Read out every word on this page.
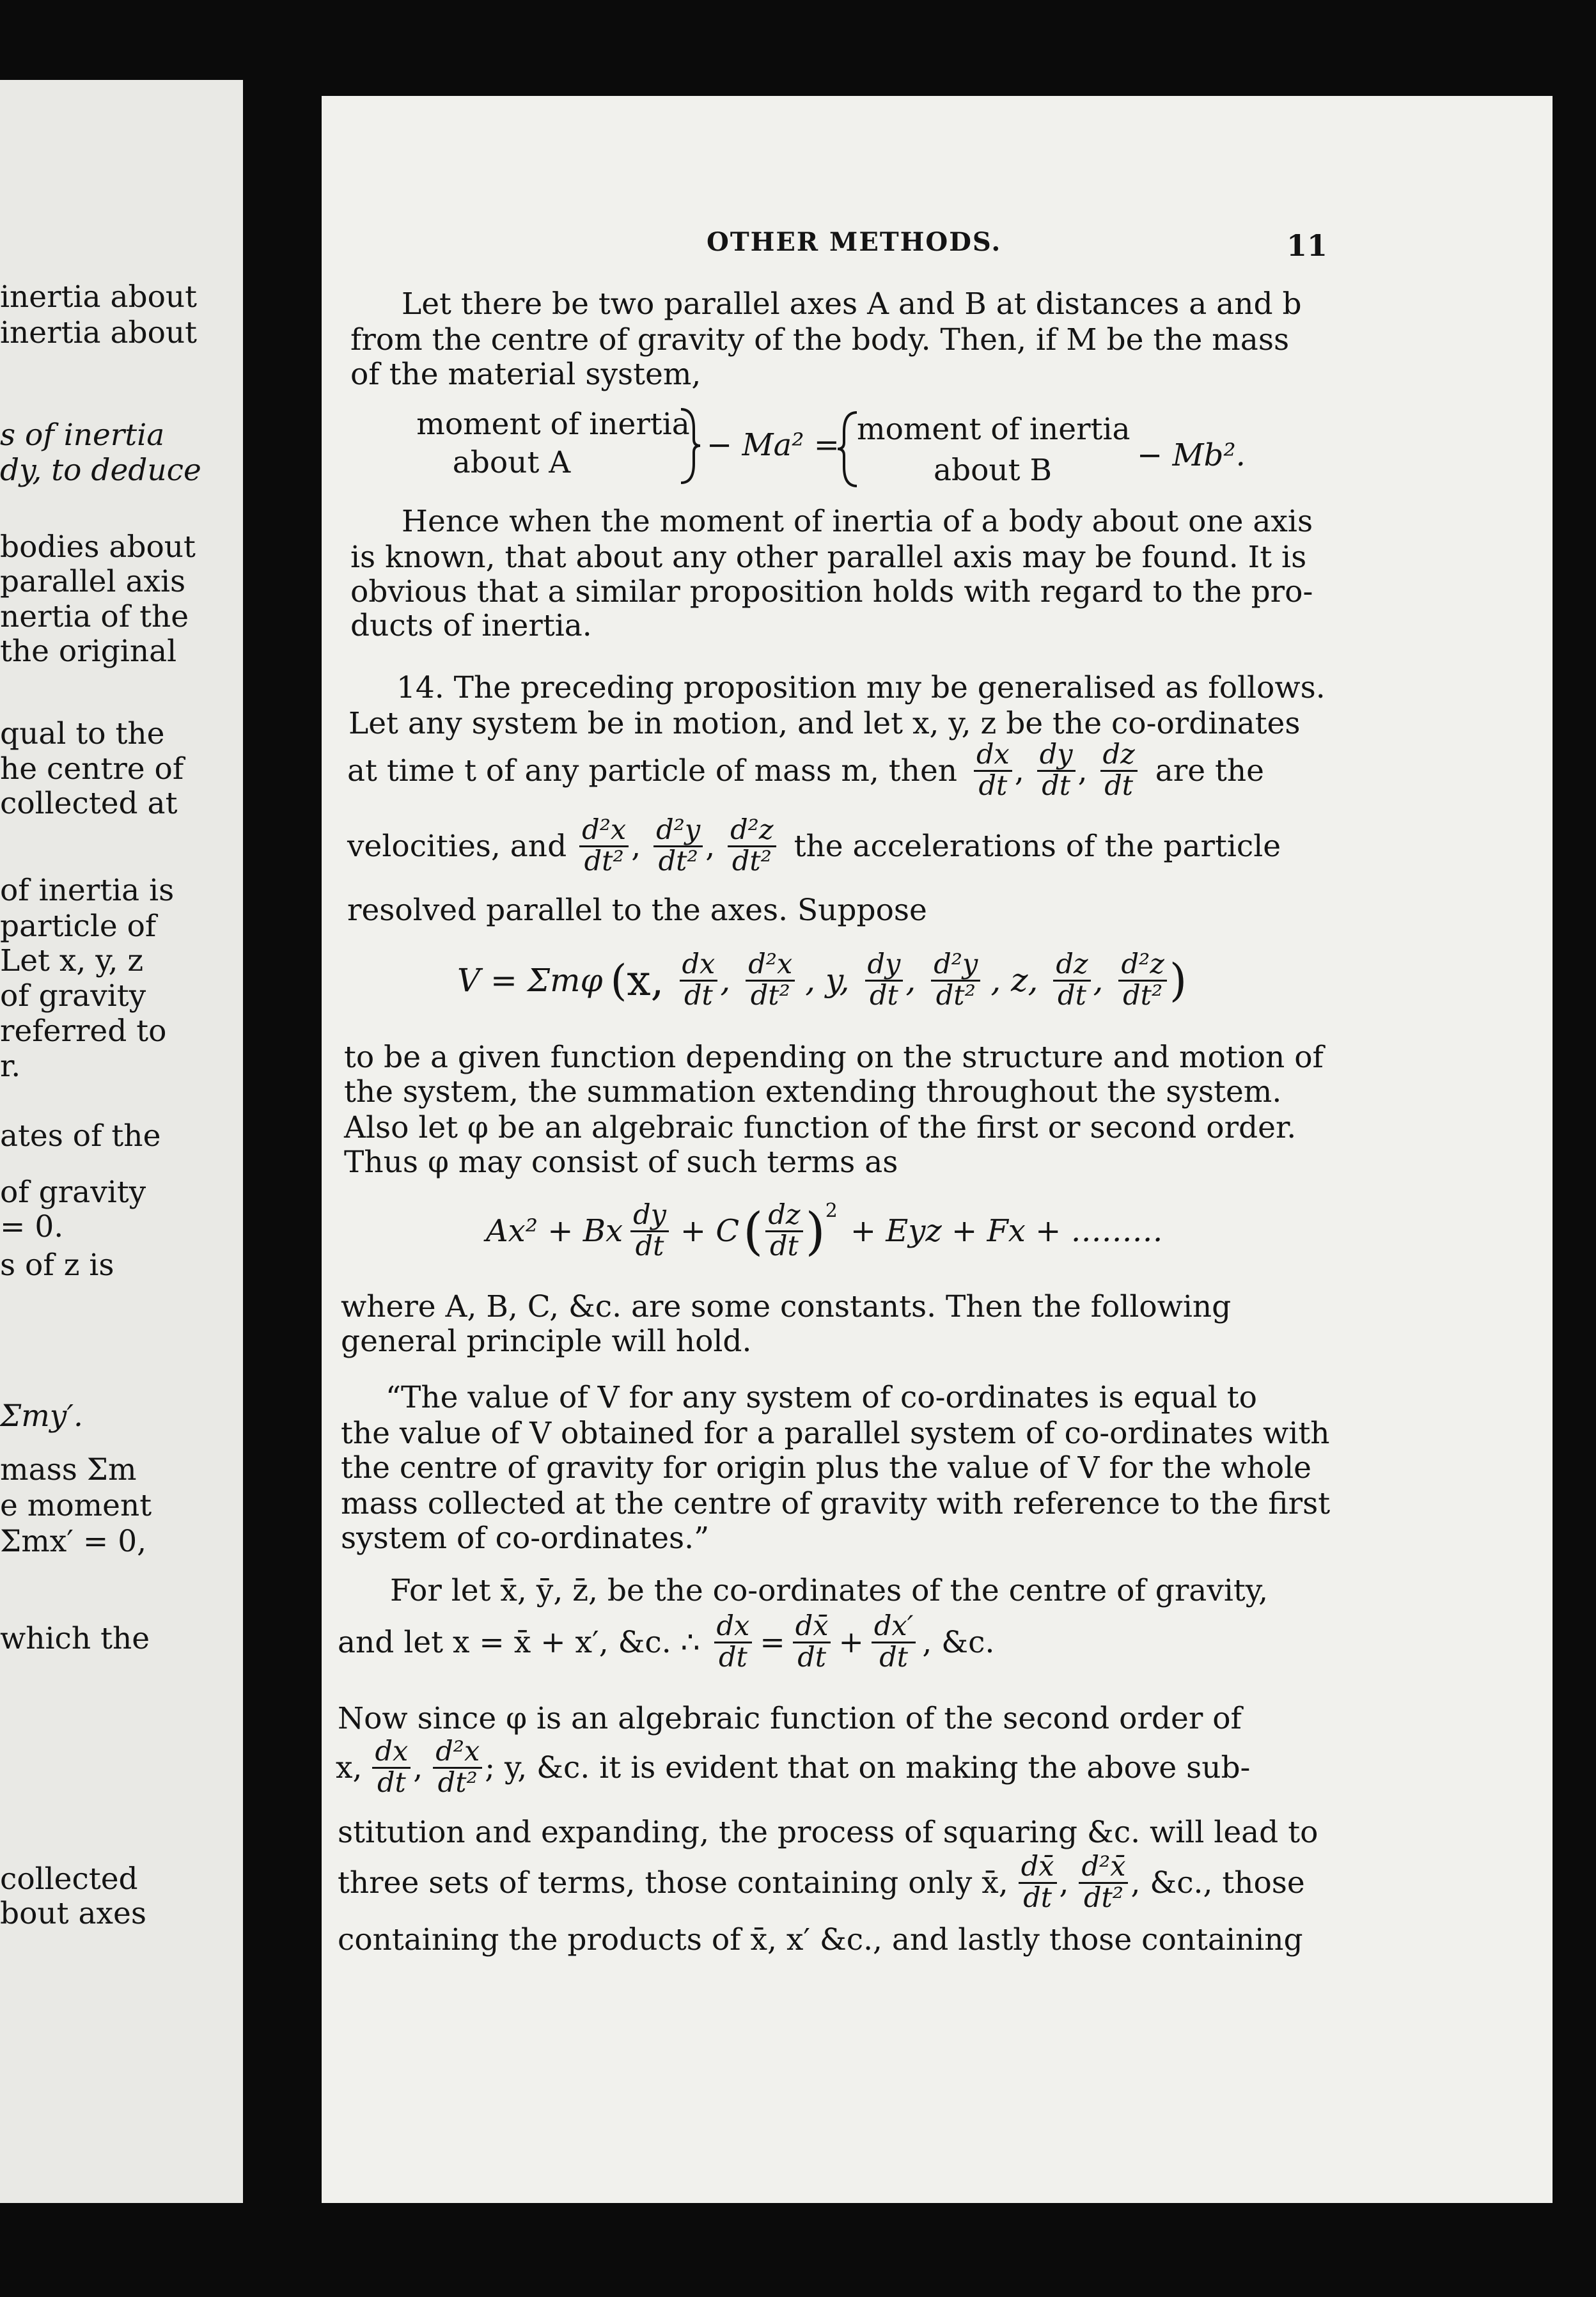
inertia about
inertia about
s of inertia
dy, to deduce
bodies about
parallel axis
nertia of the
the original
qual to the
he centre of
collected at
of inertia is
particle of
Let x, y, z
of gravity
referred to
r.
ates of the
of gravity
= 0.
s of z is
Σmy′.
mass Σm
e moment
Σmx′ = 0,
which the
collected
bout axes
OTHER METHODS.	11
Let there be two parallel axes A and B at distances a and b
from the centre of gravity of the body. Then, if M be the mass
of the material system,
moment of inertia
about A	− Ma² = moment of inertia
about B	− Mb².
Hence when the moment of inertia of a body about one axis
is known, that about any other parallel axis may be found. It is
obvious that a similar proposition holds with regard to the pro-
ducts of inertia.
14. The preceding proposition mıy be generalised as follows.
Let any system be in motion, and let x, y, z be the co-ordinates
at time t of any particle of mass m, then $\frac{dx}{dt}$ , $\frac{dy}{dt}$ , $\frac{dz}{dt}$ are the
velocities, and $\frac{\text{d²x}}{\text{dt²}}$ , $\frac{\text{d²y}}{\text{dt²}}$ , $\frac{\text{d²z}}{\text{dt²}}$ the accelerations of the particle
resolved parallel to the axes. Suppose
V = Σmφ (x, $\frac{dx}{dt}$ , $\frac{\text{d²x}}{\text{dt²}}$ , y, $\frac{dy}{dt}$ , $\frac{\text{d²y}}{\text{dt²}}$ , z, $\frac{dz}{dt}$ , $\frac{\text{d²z}}{\text{dt²}}$ )
to be a given function depending on the structure and motion of
the system, the summation extending throughout the system.
Also let φ be an algebraic function of the first or second order.
Thus φ may consist of such terms as
Ax² + Bx $\frac{dy}{dt} + C$ ( $\frac{dz}{dt}$ ) 2
+ Eyz + Fx + ………
where A, B, C, &c. are some constants. Then the following
general principle will hold.
“The value of V for any system of co-ordinates is equal to
the value of V obtained for a parallel system of co-ordinates with
the centre of gravity for origin plus the value of V for the whole
mass collected at the centre of gravity with reference to the first
system of co-ordinates.”
For let x̄, ȳ, z̄, be the co-ordinates of the centre of gravity,
and let x = x̄ + x′, &c. ∴ $\frac{dx}{dt} = \frac{dx̄}{dt} + \frac{dx'}{dt}$ , &c.
Now since φ is an algebraic function of the second order of
x, $\frac{dx}{dt}$ , $\frac{\text{d²x}}{\text{dt²}}$ ; y, &c. it is evident that on making the above sub-
stitution and expanding, the process of squaring &c. will lead to
three sets of terms, those containing only x̄, $\frac{dx̄}{dt}$ , $\frac{\text{d²x̄}}{\text{dt²}}$ , &c., those
containing the products of x̄, x′ &c., and lastly those containing
